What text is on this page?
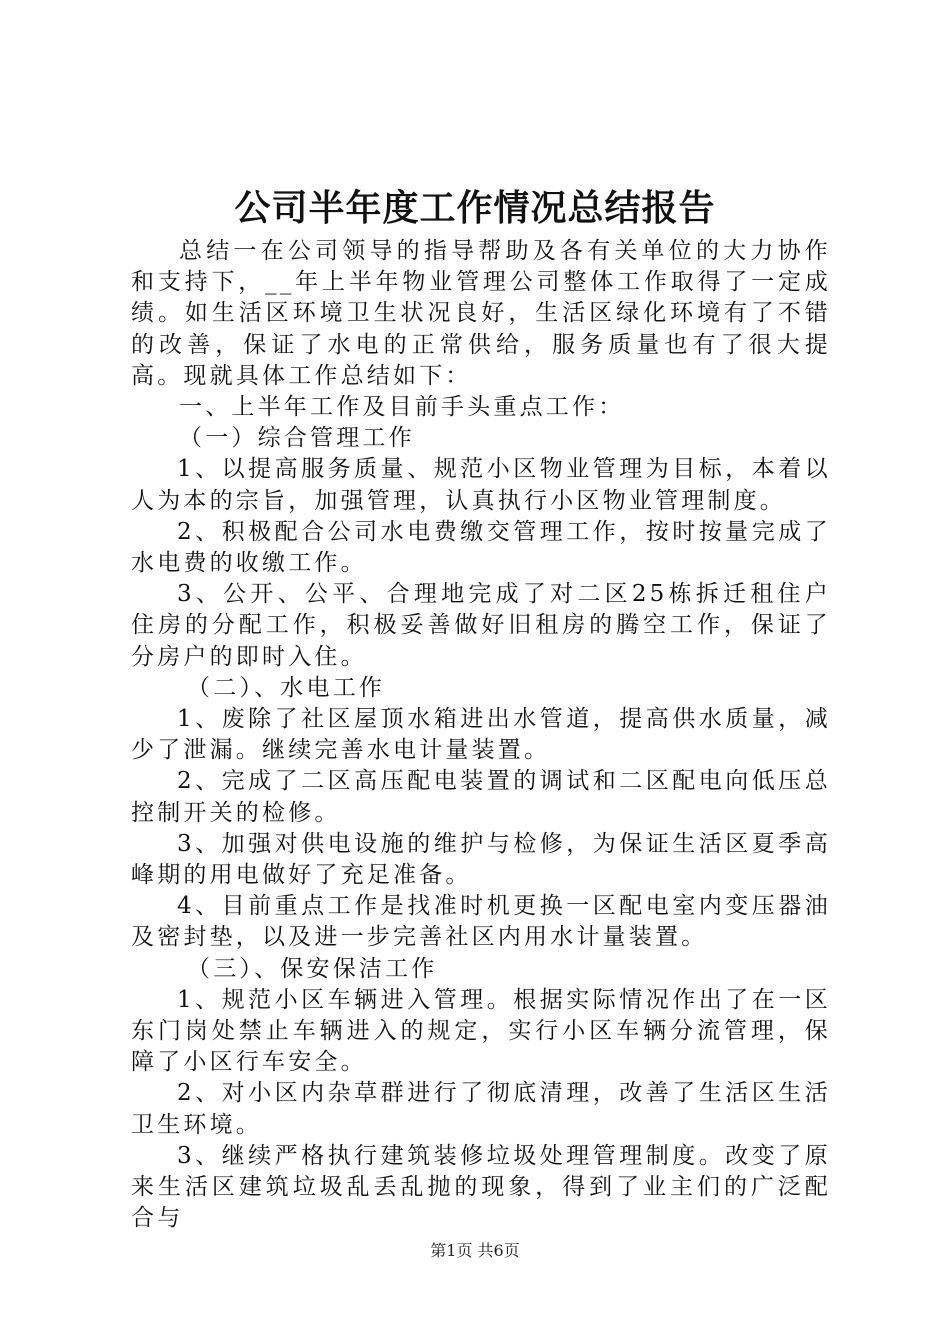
公司半年度工作情况总结报告

总结一在公司领导的指导帮助及各有关单位的大力协作和支持下，__年上半年物业管理公司整体工作取得了一定成绩。如生活区环境卫生状况良好，生活区绿化环境有了不错的改善，保证了水电的正常供给，服务质量也有了很大提高。现就具体工作总结如下：

一、上半年工作及目前手头重点工作：

（一）综合管理工作

1、以提高服务质量、规范小区物业管理为目标，本着以人为本的宗旨，加强管理，认真执行小区物业管理制度。

2、积极配合公司水电费缴交管理工作，按时按量完成了水电费的收缴工作。

3、公开、公平、合理地完成了对二区25栋拆迁租住户住房的分配工作，积极妥善做好旧租房的腾空工作，保证了分房户的即时入住。

（二）、水电工作

1、废除了社区屋顶水箱进出水管道，提高供水质量，减少了泄漏。继续完善水电计量装置。

2、完成了二区高压配电装置的调试和二区配电向低压总控制开关的检修。

3、加强对供电设施的维护与检修，为保证生活区夏季高峰期的用电做好了充足准备。

4、目前重点工作是找准时机更换一区配电室内变压器油及密封垫，以及进一步完善社区内用水计量装置。

（三）、保安保洁工作

1、规范小区车辆进入管理。根据实际情况作出了在一区东门岗处禁止车辆进入的规定，实行小区车辆分流管理，保障了小区行车安全。

2、对小区内杂草群进行了彻底清理，改善了生活区生活卫生环境。

3、继续严格执行建筑装修垃圾处理管理制度。改变了原来生活区建筑垃圾乱丢乱抛的现象，得到了业主们的广泛配合与

第1页 共6页
